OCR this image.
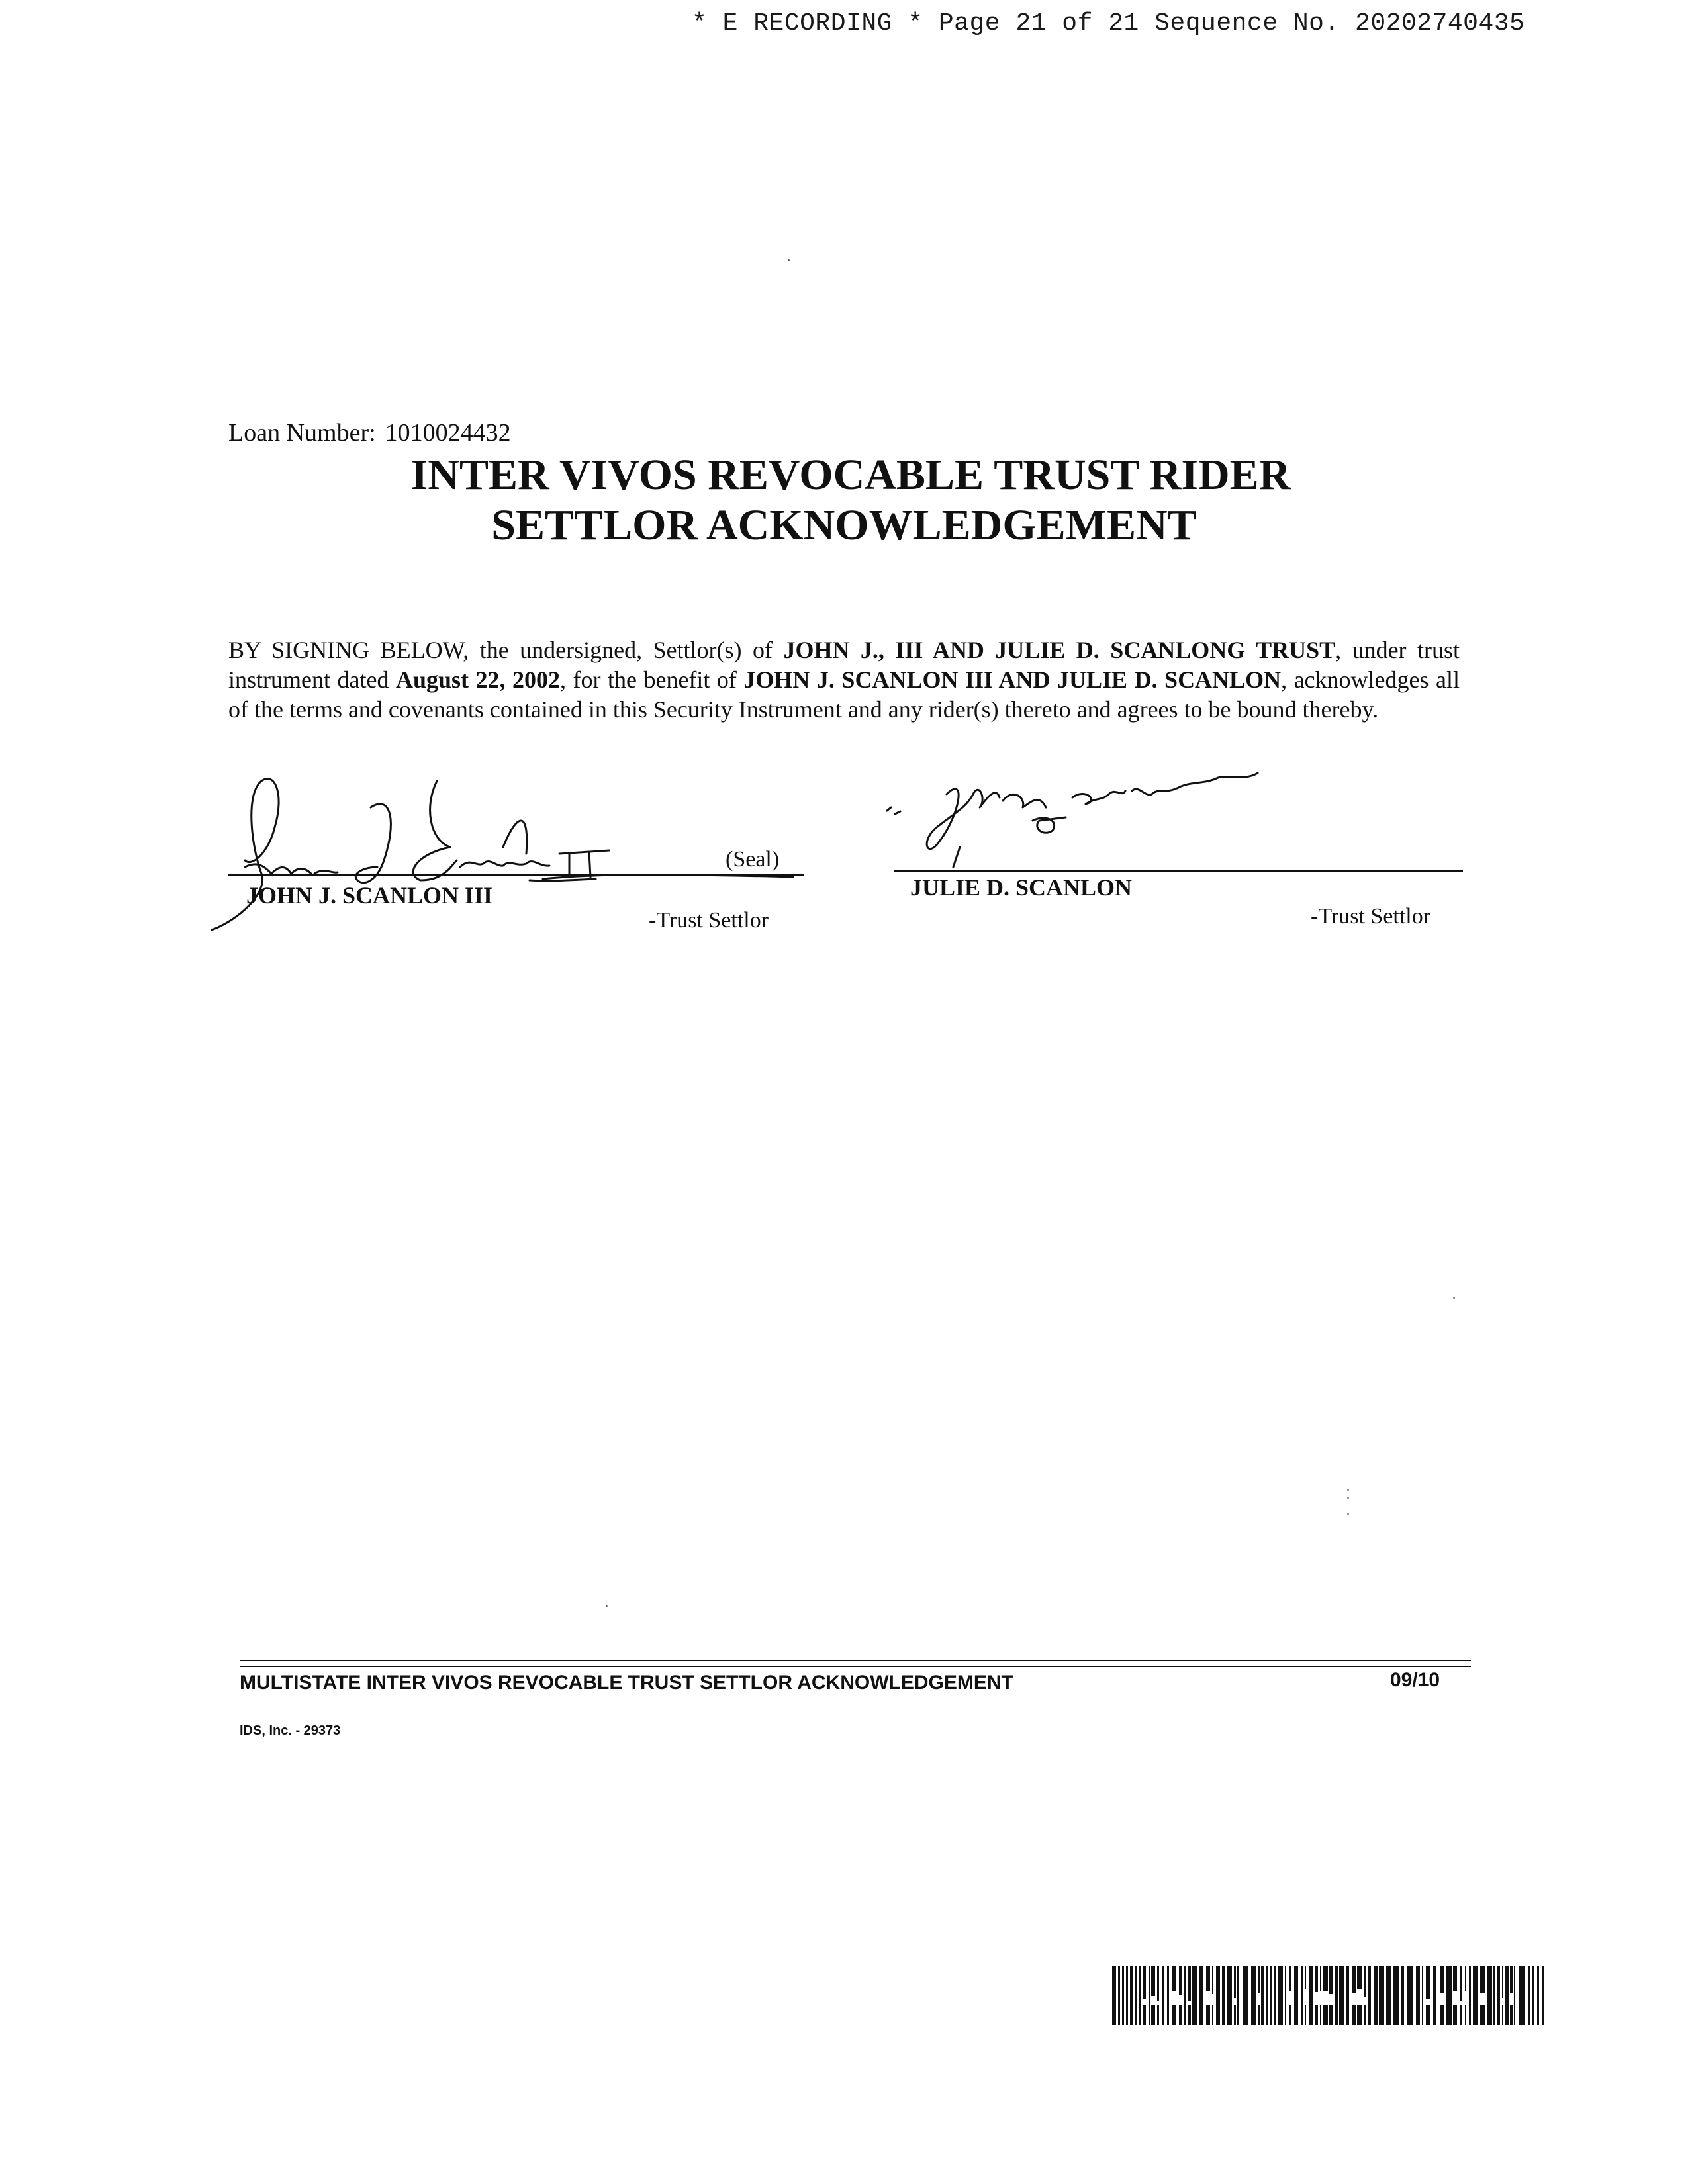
* E RECORDING * Page 21 of 21 Sequence No. 20202740435
Loan Number: 1010024432
INTER VIVOS REVOCABLE TRUST RIDER
SETTLOR ACKNOWLEDGEMENT
BY SIGNING BELOW, the undersigned, Settlor(s) of JOHN J., III AND JULIE D. SCANLONG TRUST, under trust instrument dated August 22, 2002, for the benefit of JOHN J. SCANLON III AND JULIE D. SCANLON, acknowledges all of the terms and covenants contained in this Security Instrument and any rider(s) thereto and agrees to be bound thereby.
(Seal)
JOHN J. SCANLON III
-Trust Settlor
JULIE D. SCANLON
-Trust Settlor
MULTISTATE INTER VIVOS REVOCABLE TRUST SETTLOR ACKNOWLEDGEMENT	09/10
IDS, Inc. - 29373
